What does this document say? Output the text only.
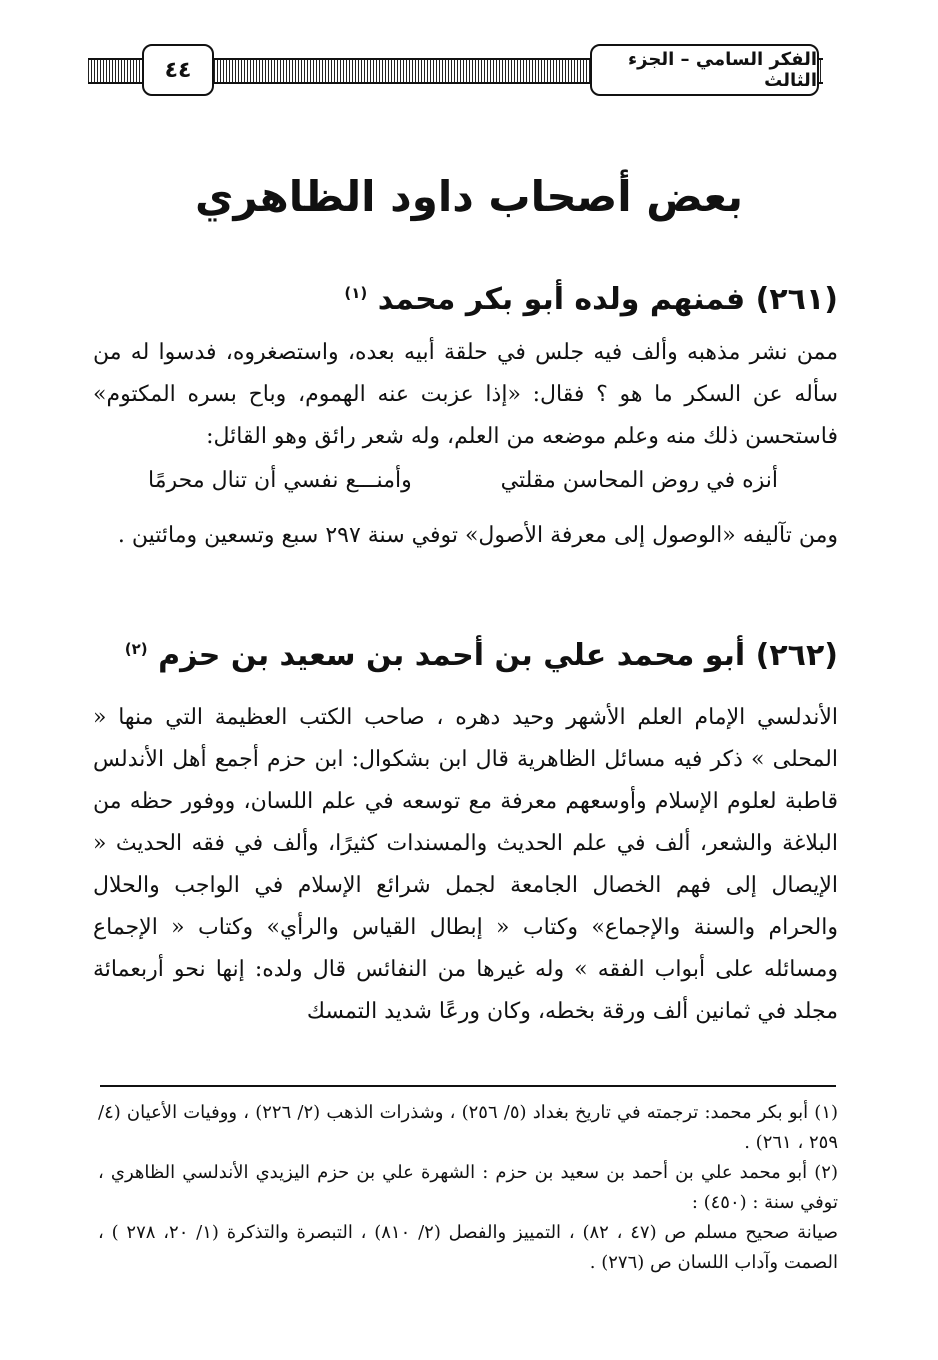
الفكر السامي – الجزء الثالث
٤٤
بعض أصحاب داود الظاهري
(٢٦١) فمنهم ولده أبو بكر محمد $^{(١)}$

ممن نشر مذهبه وألف فيه جلس في حلقة أبيه بعده، واستصغروه، فدسوا له من سأله عن السكر ما هو ؟ فقال: «إذا عزبت عنه الهموم، وباح بسره المكتوم» فاستحسن ذلك منه وعلم موضعه من العلم، وله شعر رائق وهو القائل:

أنزه في روض المحاسن مقلتي
وأمنـــع نفسي أن تنال محرمًا

ومن تآليفه «الوصول إلى معرفة الأصول» توفي سنة ٢٩٧ سبع وتسعين ومائتين .

(٢٦٢) أبو محمد علي بن أحمد بن سعيد بن حزم $^{(٢)}$

الأندلسي الإمام العلم الأشهر وحيد دهره ، صاحب الكتب العظيمة التي منها « المحلى » ذكر فيه مسائل الظاهرية قال ابن بشكوال: ابن حزم أجمع أهل الأندلس قاطبة لعلوم الإسلام وأوسعهم معرفة مع توسعه في علم اللسان، ووفور حظه من البلاغة والشعر، ألف في علم الحديث والمسندات كثيرًا، وألف في فقه الحديث « الإيصال إلى فهم الخصال الجامعة لجمل شرائع الإسلام في الواجب والحلال والحرام والسنة والإجماع» وكتاب « إبطال القياس والرأي» وكتاب « الإجماع ومسائله على أبواب الفقه » وله غيرها من النفائس قال ولده: إنها نحو أربعمائة مجلد في ثمانين ألف ورقة بخطه، وكان ورعًا شديد التمسك

(١) أبو بكر محمد: ترجمته في تاريخ بغداد (٥/ ٢٥٦) ، وشذرات الذهب (٢/ ٢٢٦) ، ووفيات الأعيان (٤/ ٢٥٩ ، ٢٦١) .

(٢) أبو محمد علي بن أحمد بن سعيد بن حزم : الشهرة علي بن حزم اليزيدي الأندلسي الظاهري ، توفي سنة : (٤٥٠) :

صيانة صحيح مسلم ص (٤٧ ، ٨٢) ، التمييز والفصل (٢/ ٨١٠) ، التبصرة والتذكرة (١/ ٢٠، ٢٧٨ ) ، الصمت وآداب اللسان ص (٢٧٦) .
